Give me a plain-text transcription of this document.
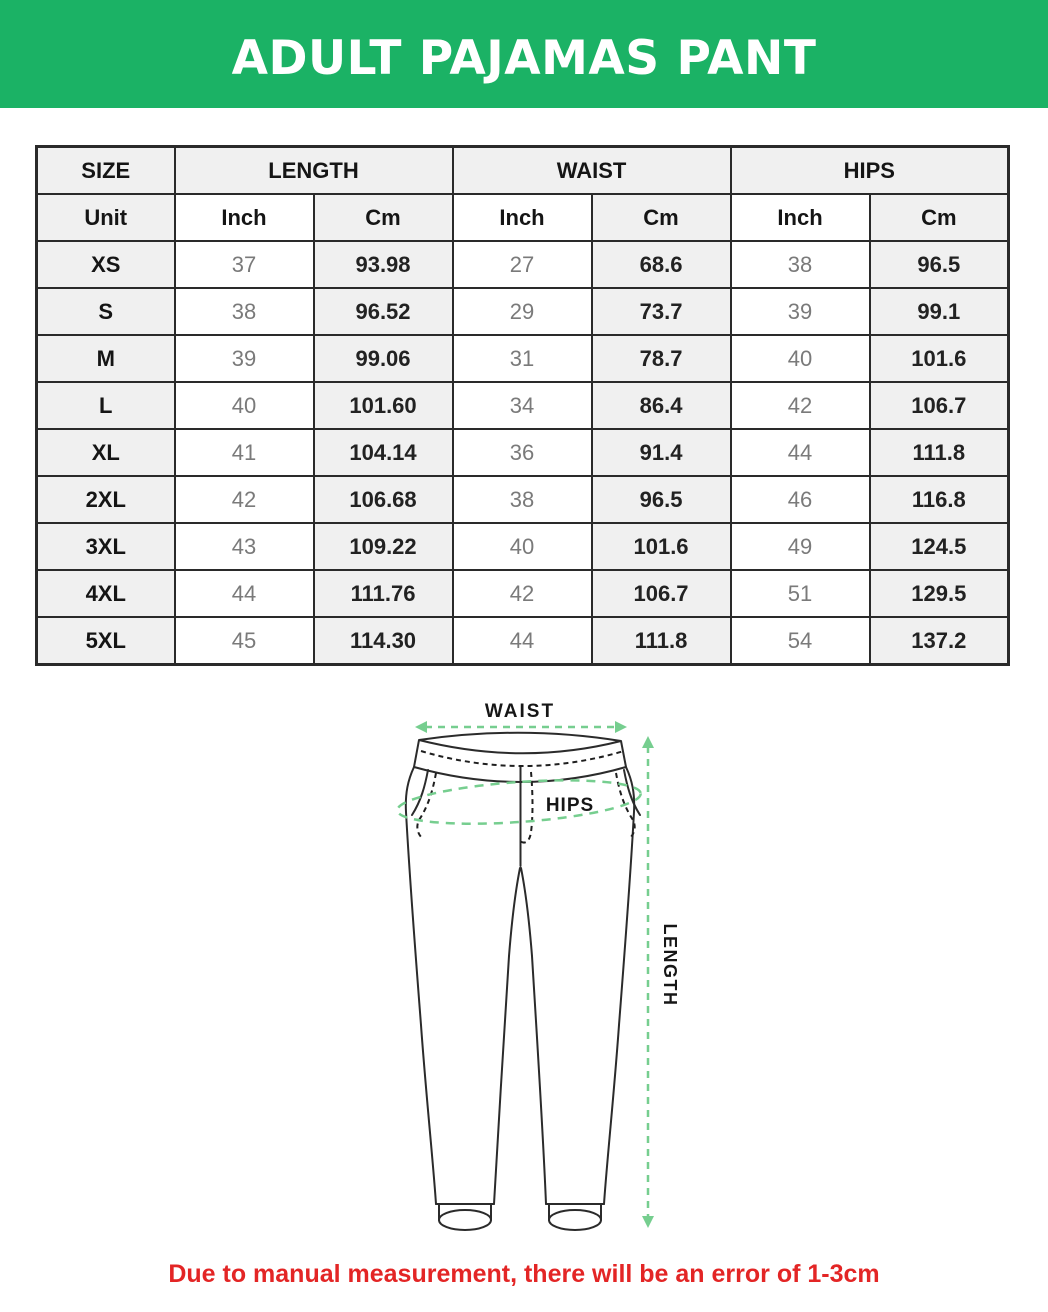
ADULT PAJAMAS PANT
SIZE	LENGTH		WAIST		HIPS	
Unit	Inch	Cm	Inch	Cm	Inch	Cm
XS	37	93.98	27	68.6	38	96.5
S	38	96.52	29	73.7	39	99.1
M	39	99.06	31	78.7	40	101.6
L	40	101.60	34	86.4	42	106.7
XL	41	104.14	36	91.4	44	111.8
2XL	42	106.68	38	96.5	46	116.8
3XL	43	109.22	40	101.6	49	124.5
4XL	44	111.76	42	106.7	51	129.5
5XL	45	114.30	44	111.8	54	137.2
WAIST
HIPS
LENGTH
Due to manual measurement, there will be an error of 1-3cm
